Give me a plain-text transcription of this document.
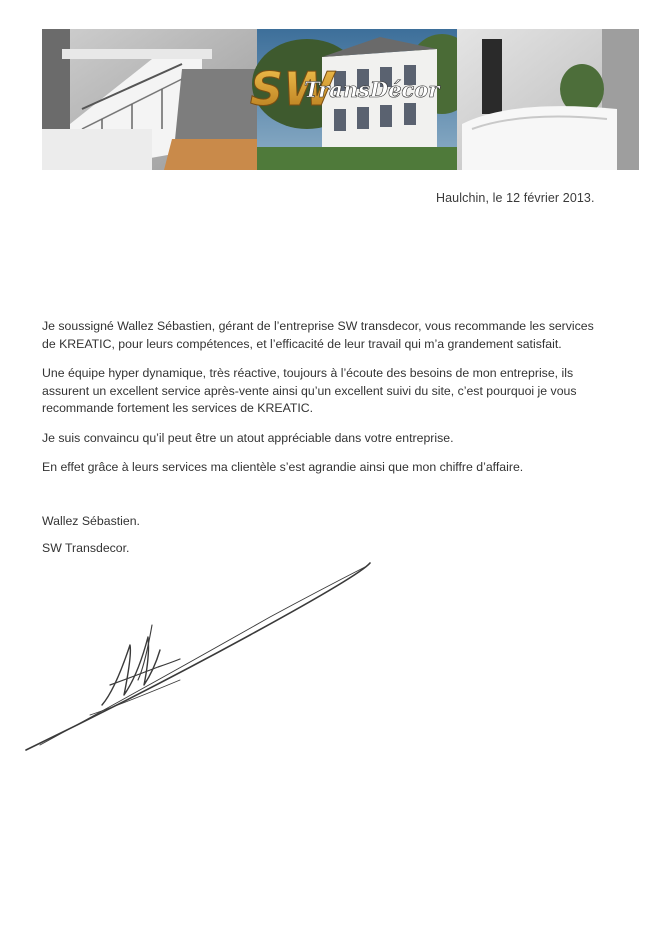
SW
TransDécor
Haulchin, le 12 février 2013.

Je soussigné Wallez Sébastien, gérant de l’entreprise SW transdecor, vous recommande les services
de KREATIC, pour leurs compétences, et l’efficacité de leur travail qui m’a grandement satisfait.

Une équipe hyper dynamique, très réactive, toujours à l’écoute des besoins de mon entreprise, ils
assurent un excellent service après-vente ainsi qu’un excellent suivi du site, c’est pourquoi je vous
recommande fortement les services de KREATIC.

Je suis convaincu qu’il peut être un atout appréciable dans votre entreprise.

En effet grâce à leurs services ma clientèle s’est agrandie ainsi que mon chiffre d’affaire.

Wallez Sébastien.
SW Transdecor.
